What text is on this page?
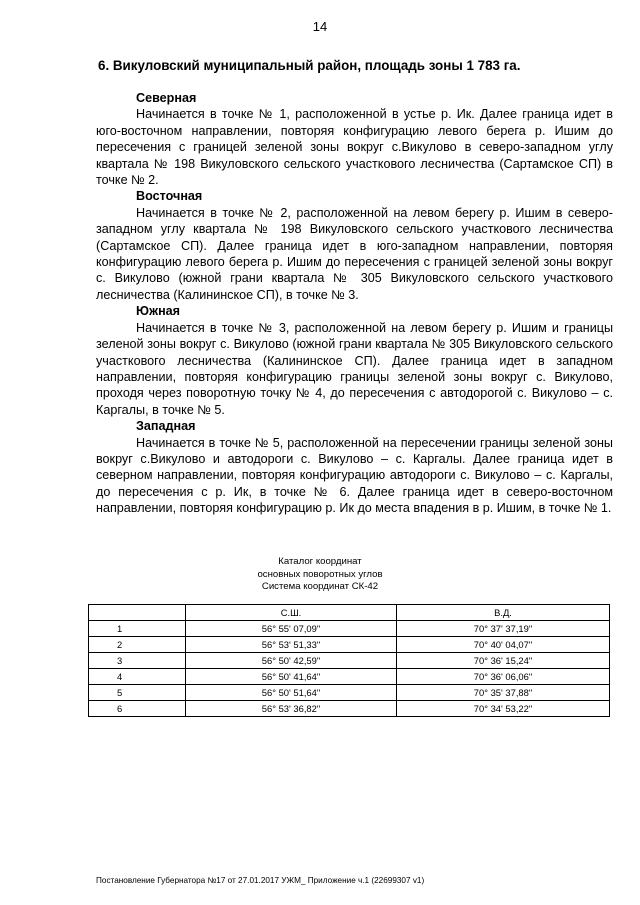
14
6. Викуловский муниципальный район, площадь зоны 1 783 га.
Северная

Начинается в точке № 1, расположенной в устье р. Ик. Далее граница идет в юго-восточном направлении, повторяя конфигурацию левого берега р. Ишим до пересечения с границей зеленой зоны вокруг с.Викулово в северо-западном углу квартала № 198 Викуловского сельского участкового лесничества (Сартамское СП) в точке № 2.

Восточная

Начинается в точке № 2, расположенной на левом берегу р. Ишим в северо-западном углу квартала № 198 Викуловского сельского участкового лесничества (Сартамское СП). Далее граница идет в юго-западном направлении, повторяя конфигурацию левого берега р. Ишим до пересечения с границей зеленой зоны вокруг с. Викулово (южной грани квартала № 305 Викуловского сельского участкового лесничества (Калининское СП), в точке № 3.

Южная

Начинается в точке № 3, расположенной на левом берегу р. Ишим и границы зеленой зоны вокруг с. Викулово (южной грани квартала № 305 Викуловского сельского участкового лесничества (Калининское СП). Далее граница идет в западном направлении, повторяя конфигурацию границы зеленой зоны вокруг с. Викулово, проходя через поворотную точку № 4, до пересечения с автодорогой с. Викулово – с. Каргалы, в точке № 5.

Западная

Начинается в точке № 5, расположенной на пересечении границы зеленой зоны вокруг с.Викулово и автодороги с. Викулово – с. Каргалы. Далее граница идет в северном направлении, повторяя конфигурацию автодороги с. Викулово – с. Каргалы, до пересечения с р. Ик, в точке № 6. Далее граница идет в северо-восточном направлении, повторяя конфигурацию р. Ик до места впадения в р. Ишим, в точке № 1.

Каталог координат
основных поворотных углов
Система координат СК-42
	С.Ш.	В.Д.
1	56° 55' 07,09"	70° 37' 37,19"
2	56° 53' 51,33"	70° 40' 04,07"
3	56° 50' 42,59"	70° 36' 15,24"
4	56° 50' 41,64"	70° 36' 06,06"
5	56° 50' 51,64"	70° 35' 37,88"
6	56° 53' 36,82"	70° 34' 53,22"
Постановление Губернатора №17 от 27.01.2017 УЖМ_ Приложение ч.1 (22699307 v1)
